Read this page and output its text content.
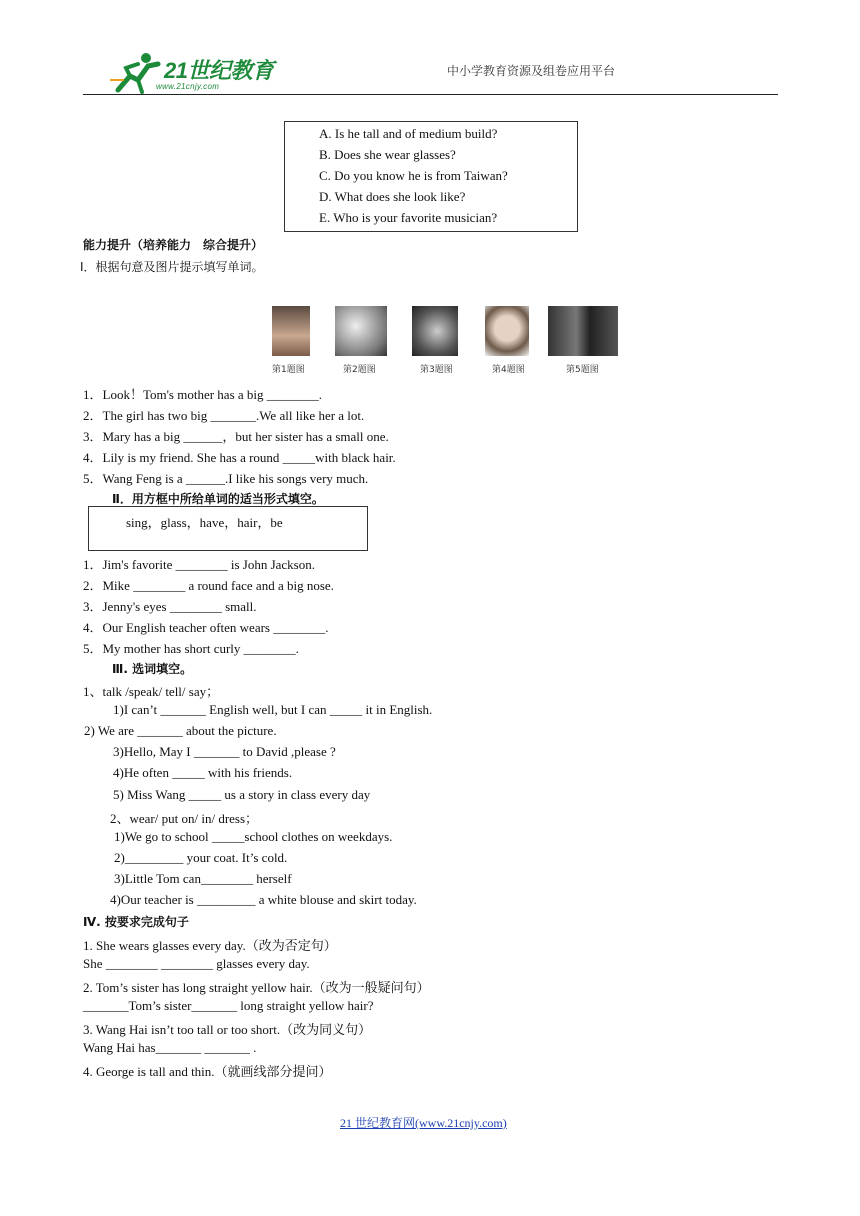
21世纪教育
www.21cnjy.com
中小学教育资源及组卷应用平台
A. Is he tall and of medium build?
B. Does she wear glasses?
C. Do you know he is from Taiwan?
D. What does she look like?
E. Who is your favorite musician?
能力提升（培养能力　综合提升）
Ⅰ．根据句意及图片提示填写单词。
第1题图	第2题图	第3题图	第4题图	第5题图
1．Look！Tom's mother has a big ________.
2．The girl has two big _______.We all like her a lot.
3．Mary has a big ______，but her sister has a small one.
4．Lily is my friend. She has a round _____with black hair.
5．Wang Feng is a ______.I like his songs very much.
Ⅱ．用方框中所给单词的适当形式填空。
sing，glass，have，hair，be
1．Jim's favorite ________ is John Jackson.
2．Mike ________ a round face and a big nose.
3．Jenny's eyes ________ small.
4．Our English teacher often wears ________.
5．My mother has short curly ________.
Ⅲ. 选词填空。
1、talk /speak/ tell/ say；
1)I can’t _______ English well, but I can _____ it in English.
2) We are _______ about the picture.
3)Hello, May I _______ to David ,please ?
4)He often _____ with his friends.
5) Miss Wang _____ us a story in class every day
2、wear/ put on/ in/ dress；
1)We go to school _____school clothes on weekdays.
2)_________ your coat. It’s cold.
3)Little Tom can________ herself
4)Our teacher is _________ a white blouse and skirt today.
Ⅳ. 按要求完成句子
1. She wears glasses every day.（改为否定句）
She ________ ________ glasses every day.
2. Tom’s sister has long straight yellow hair.（改为一般疑问句）
_______Tom’s sister_______ long straight yellow hair?
3. Wang Hai isn’t too tall or too short.（改为同义句）
Wang Hai has_______ _______ .
4. George is tall and thin.（就画线部分提问）
21 世纪教育网(www.21cnjy.com)
